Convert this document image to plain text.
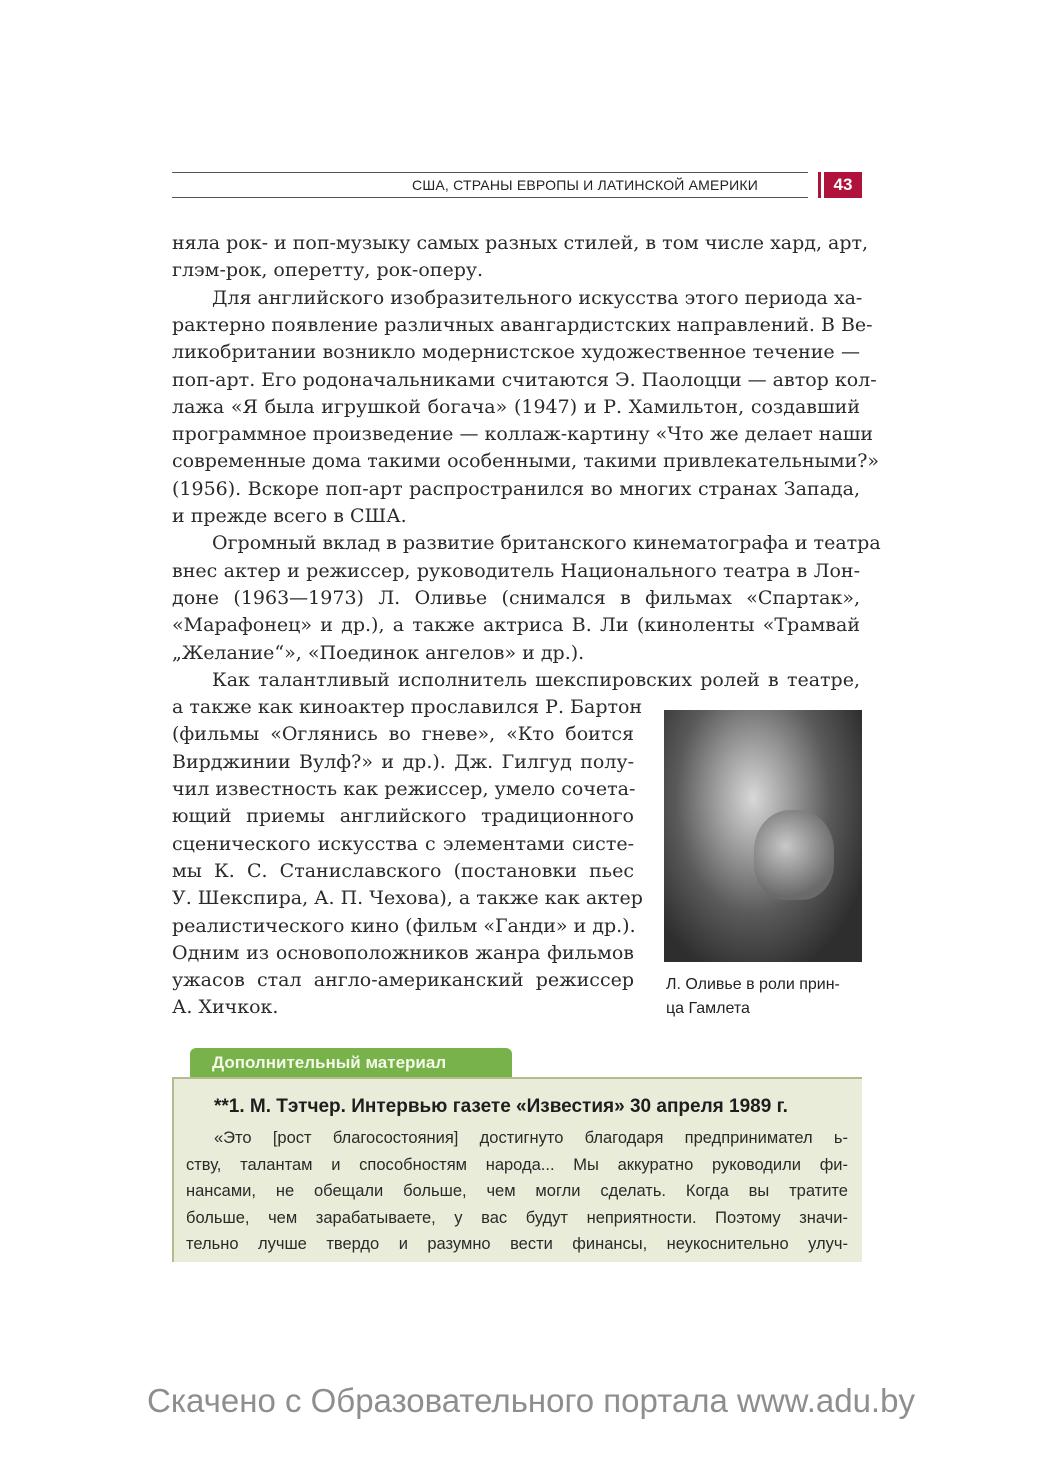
США, СТРАНЫ ЕВРОПЫ И ЛАТИНСКОЙ АМЕРИКИ	43
няла рок- и поп-музыку самых разных стилей, в том числе хард, арт,
глэм-рок, оперетту, рок-оперу.
Для английского изобразительного искусства этого периода ха-
рактерно появление различных авангардистских направлений. В Ве-
ликобритании возникло модернистское художественное течение —
поп-арт. Его родоначальниками считаются Э. Паолоцци — автор кол-
лажа «Я была игрушкой богача» (1947) и Р. Хамильтон, создавший
программное произведение — коллаж-картину «Что же делает наши
современные дома такими особенными, такими привлекательными?»
(1956). Вскоре поп-арт распространился во многих странах Запада,
и прежде всего в США.
Огромный вклад в развитие британского кинематографа и театра
внес актер и режиссер, руководитель Национального театра в Лон-
доне (1963—1973) Л. Оливье (снимался в фильмах «Спартак»,
«Марафонец» и др.), а также актриса В. Ли (киноленты «Трамвай
„Желание“», «Поединок ангелов» и др.).
Как талантливый исполнитель шекспировских ролей в театре,
а также как киноактер прославился Р. Бартон
(фильмы «Оглянись во гневе», «Кто боится
Вирджинии Вулф?» и др.). Дж. Гилгуд полу-
чил известность как режиссер, умело сочета-
ющий приемы английского традиционного
сценического искусства с элементами систе-
мы К. С. Станиславского (постановки пьес
У. Шекспира, А. П. Чехова), а также как актер
реалистического кино (фильм «Ганди» и др.).
Одним из основоположников жанра фильмов
ужасов стал англо-американский режиссер
А. Хичкок.
Л. Оливье в роли прин-
ца Гамлета
Дополнительный материал
**1. М. Тэтчер. Интервью газете «Известия» 30 апреля 1989 г.
«Это [рост благосостояния] достигнуто благодаря предпринимател ь-
ству, талантам и способностям народа... Мы аккуратно руководили фи-
нансами, не обещали больше, чем могли сделать. Когда вы тратите
больше, чем зарабатываете, у вас будут неприятности. Поэтому значи-
тельно лучше твердо и разумно вести финансы, неукоснительно улуч-
Скачено с Образовательного портала www.adu.by
